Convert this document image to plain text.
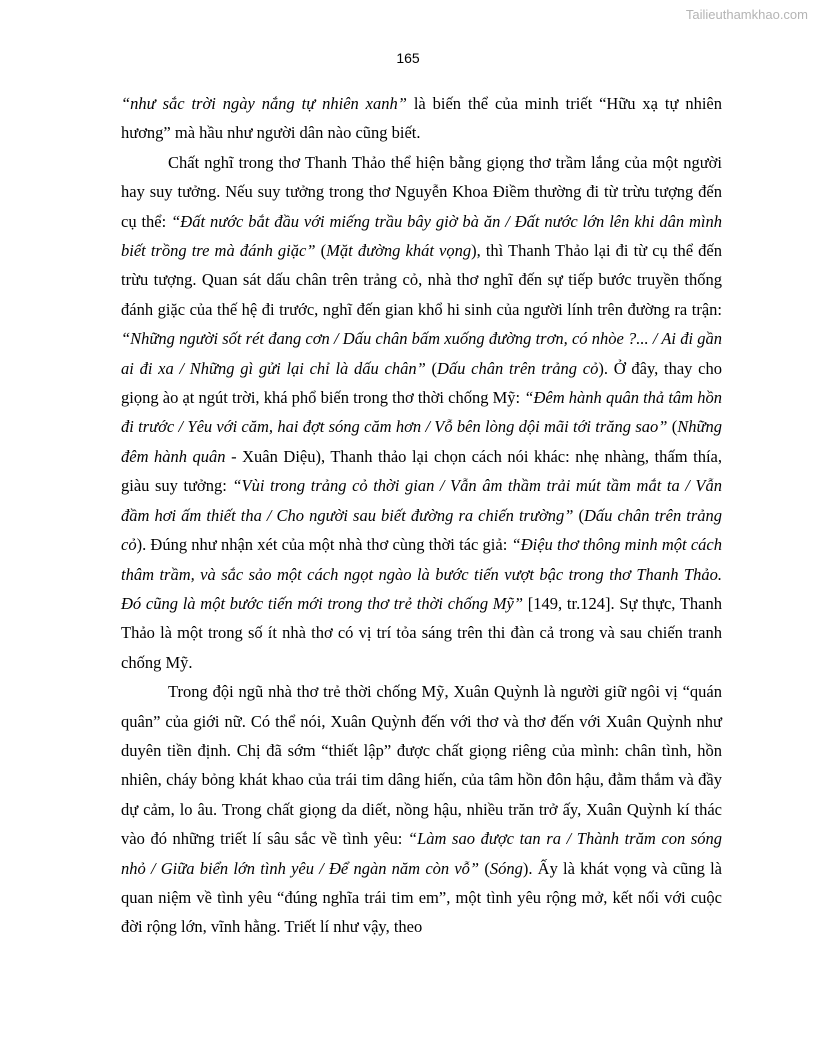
Tailieuthamkhao.com
165

“như sắc trời ngày nắng tự nhiên xanh” là biến thể của minh triết “Hữu xạ tự nhiên hương” mà hầu như người dân nào cũng biết.

Chất nghĩ trong thơ Thanh Thảo thể hiện bằng giọng thơ trầm lắng của một người hay suy tưởng. Nếu suy tưởng trong thơ Nguyễn Khoa Điềm thường đi từ trừu tượng đến cụ thể: “Đất nước bắt đầu với miếng trầu bây giờ bà ăn / Đất nước lớn lên khi dân mình biết trồng tre mà đánh giặc” (Mặt đường khát vọng), thì Thanh Thảo lại đi từ cụ thể đến trừu tượng. Quan sát dấu chân trên trảng cỏ, nhà thơ nghĩ đến sự tiếp bước truyền thống đánh giặc của thế hệ đi trước, nghĩ đến gian khổ hi sinh của người lính trên đường ra trận: “Những người sốt rét đang cơn / Dấu chân bấm xuống đường trơn, có nhòe ?... / Ai đi gần ai đi xa / Những gì gửi lại chỉ là dấu chân” (Dấu chân trên trảng cỏ). Ở đây, thay cho giọng ào ạt ngút trời, khá phổ biến trong thơ thời chống Mỹ: “Đêm hành quân thả tâm hồn đi trước / Yêu với căm, hai đợt sóng căm hơn / Vỗ bên lòng dội mãi tới trăng sao” (Những đêm hành quân - Xuân Diệu), Thanh thảo lại chọn cách nói khác: nhẹ nhàng, thấm thía, giàu suy tưởng: “Vùi trong trảng cỏ thời gian / Vẫn âm thầm trải mút tầm mắt ta / Vẫn đầm hơi ấm thiết tha / Cho người sau biết đường ra chiến trường” (Dấu chân trên trảng cỏ). Đúng như nhận xét của một nhà thơ cùng thời tác giả: “Điệu thơ thông minh một cách thâm trầm, và sắc sảo một cách ngọt ngào là bước tiến vượt bậc trong thơ Thanh Thảo. Đó cũng là một bước tiến mới trong thơ trẻ thời chống Mỹ” [149, tr.124]. Sự thực, Thanh Thảo là một trong số ít nhà thơ có vị trí tỏa sáng trên thi đàn cả trong và sau chiến tranh chống Mỹ.

Trong đội ngũ nhà thơ trẻ thời chống Mỹ, Xuân Quỳnh là người giữ ngôi vị “quán quân” của giới nữ. Có thể nói, Xuân Quỳnh đến với thơ và thơ đến với Xuân Quỳnh như duyên tiền định. Chị đã sớm “thiết lập” được chất giọng riêng của mình: chân tình, hồn nhiên, cháy bỏng khát khao của trái tim dâng hiến, của tâm hồn đôn hậu, đằm thắm và đầy dự cảm, lo âu. Trong chất giọng da diết, nồng hậu, nhiều trăn trở ấy, Xuân Quỳnh kí thác vào đó những triết lí sâu sắc về tình yêu: “Làm sao được tan ra / Thành trăm con sóng nhỏ / Giữa biển lớn tình yêu / Để ngàn năm còn vỗ” (Sóng). Ấy là khát vọng và cũng là quan niệm về tình yêu “đúng nghĩa trái tim em”, một tình yêu rộng mở, kết nối với cuộc đời rộng lớn, vĩnh hằng. Triết lí như vậy, theo
